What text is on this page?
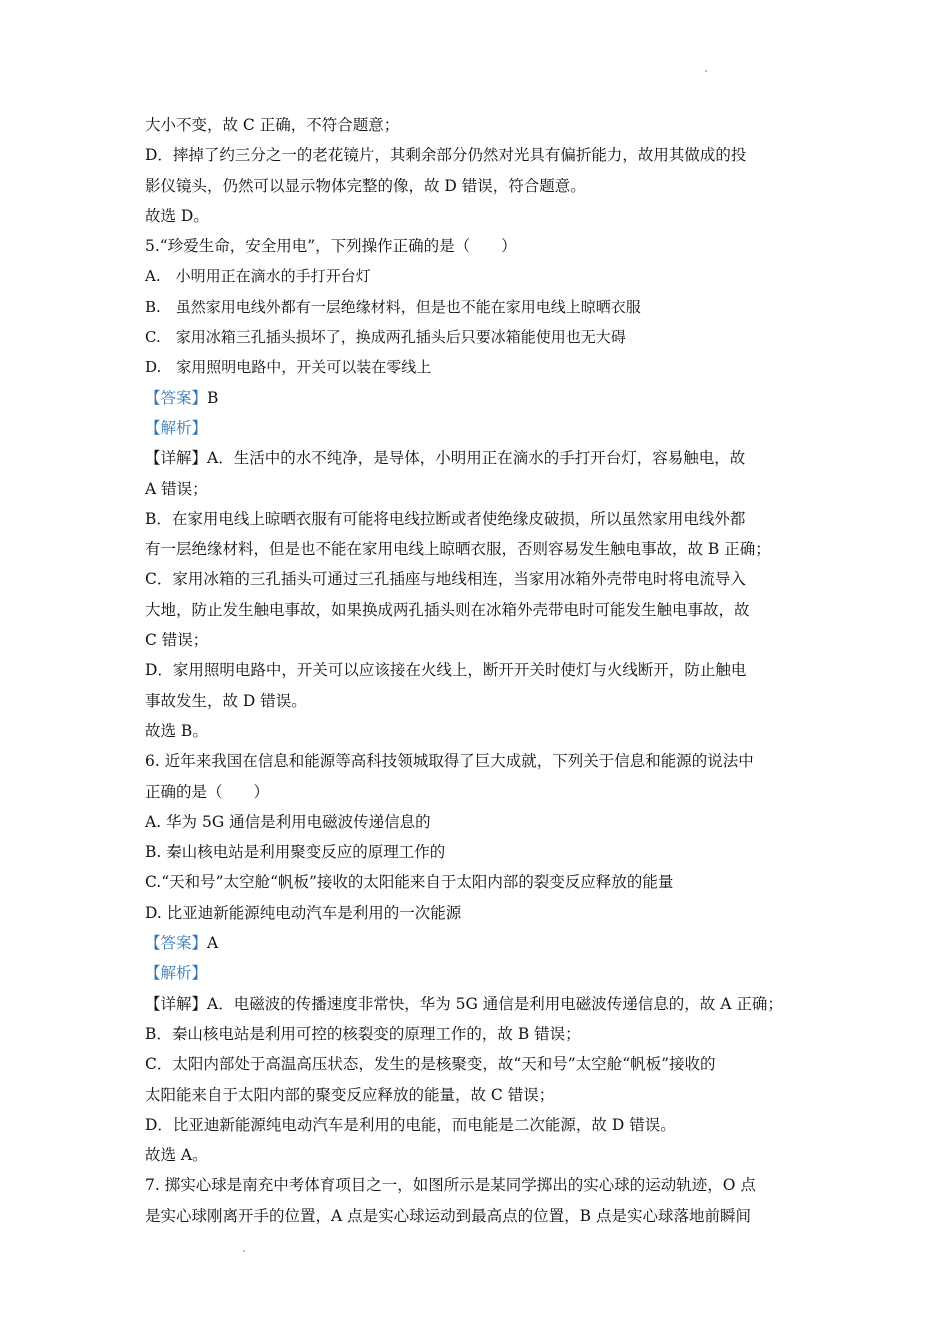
大小不变，故 C 正确，不符合题意；
D．摔掉了约三分之一的老花镜片，其剩余部分仍然对光具有偏折能力，故用其做成的投
影仪镜头，仍然可以显示物体完整的像，故 D 错误，符合题意。
故选 D。
5.“珍爱生命，安全用电”，下列操作正确的是（　　）
A.　小明用正在滴水的手打开台灯
B.　虽然家用电线外都有一层绝缘材料，但是也不能在家用电线上晾晒衣服
C.　家用冰箱三孔插头损坏了，换成两孔插头后只要冰箱能使用也无大碍
D.　家用照明电路中，开关可以装在零线上
【答案】B
【解析】
【详解】A．生活中的水不纯净，是导体，小明用正在滴水的手打开台灯，容易触电，故
A 错误；
B．在家用电线上晾晒衣服有可能将电线拉断或者使绝缘皮破损，所以虽然家用电线外都
有一层绝缘材料，但是也不能在家用电线上晾晒衣服，否则容易发生触电事故，故 B 正确；
C．家用冰箱的三孔插头可通过三孔插座与地线相连，当家用冰箱外壳带电时将电流导入
大地，防止发生触电事故，如果换成两孔插头则在冰箱外壳带电时可能发生触电事故，故
C 错误；
D．家用照明电路中，开关可以应该接在火线上，断开开关时使灯与火线断开，防止触电
事故发生，故 D 错误。
故选 B。
6. 近年来我国在信息和能源等高科技领城取得了巨大成就，下列关于信息和能源的说法中
正确的是（　　）
A. 华为 5G 通信是利用电磁波传递信息的
B. 秦山核电站是利用聚变反应的原理工作的
C.“天和号”太空舱“帆板”接收的太阳能来自于太阳内部的裂变反应释放的能量
D. 比亚迪新能源纯电动汽车是利用的一次能源
【答案】A
【解析】
【详解】A．电磁波的传播速度非常快，华为 5G 通信是利用电磁波传递信息的，故 A 正确；
B．秦山核电站是利用可控的核裂变的原理工作的，故 B 错误；
C．太阳内部处于高温高压状态，发生的是核聚变，故“天和号”太空舱“帆板”接收的
太阳能来自于太阳内部的聚变反应释放的能量，故 C 错误；
D．比亚迪新能源纯电动汽车是利用的电能，而电能是二次能源，故 D 错误。
故选 A。
7. 掷实心球是南充中考体育项目之一，如图所示是某同学掷出的实心球的运动轨迹，O 点
是实心球刚离开手的位置，A 点是实心球运动到最高点的位置，B 点是实心球落地前瞬间
